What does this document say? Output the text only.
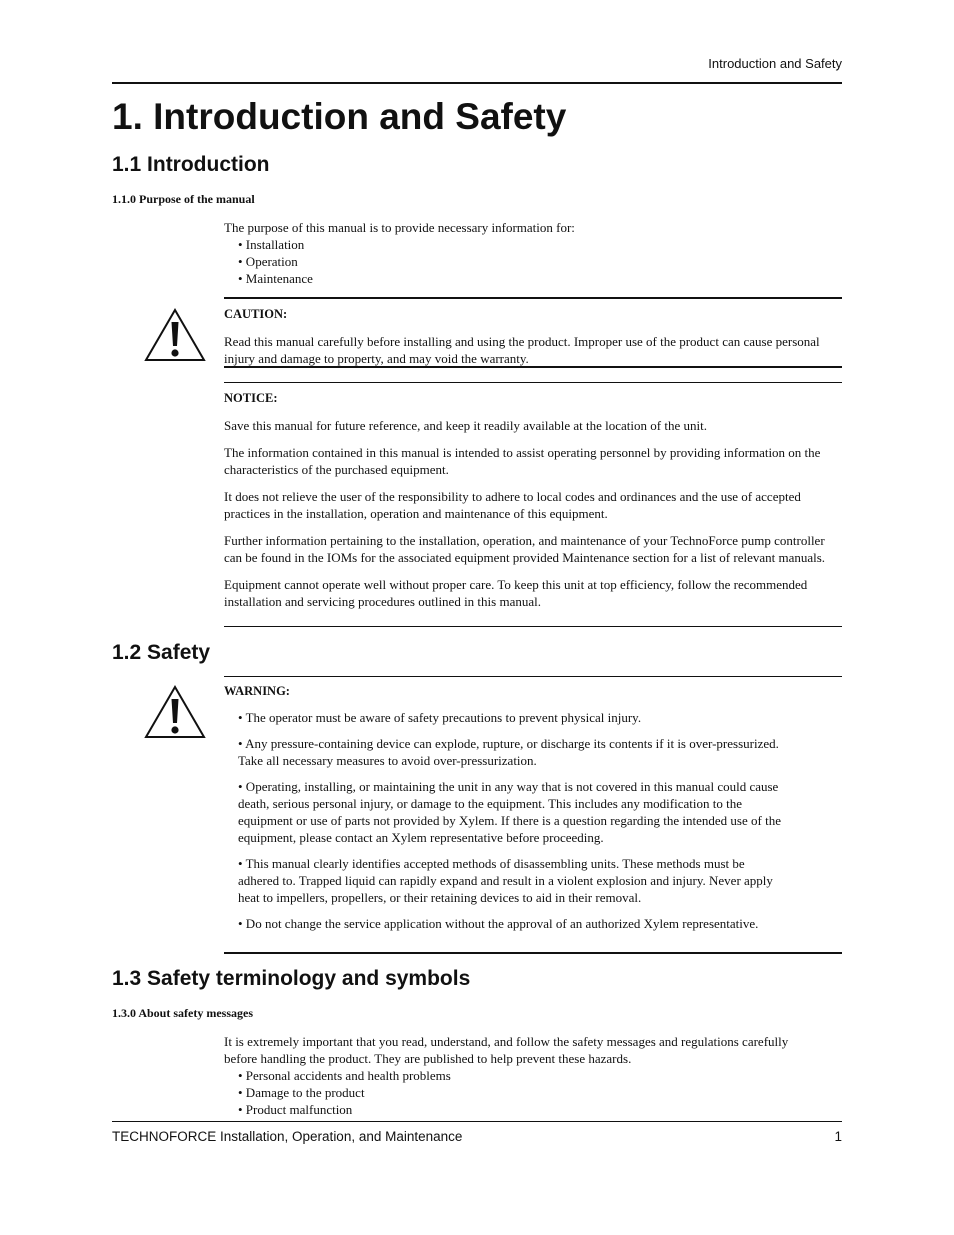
Introduction and Safety
1. Introduction and Safety
1.1 Introduction
1.1.0 Purpose of the manual

The purpose of this manual is to provide necessary information for:

• Installation
• Operation
• Maintenance

CAUTION:

Read this manual carefully before installing and using the product. Improper use of the product can cause personal injury and damage to property, and may void the warranty.

NOTICE:

Save this manual for future reference, and keep it readily available at the location of the unit.

The information contained in this manual is intended to assist operating personnel by providing information on the characteristics of the purchased equipment.

It does not relieve the user of the responsibility to adhere to local codes and ordinances and the use of accepted practices in the installation, operation and maintenance of this equipment.

Further information pertaining to the installation, operation, and maintenance of your TechnoForce pump controller can be found in the IOMs for the associated equipment provided Maintenance section for a list of relevant manuals.

Equipment cannot operate well without proper care. To keep this unit at top efficiency, follow the recommended installation and servicing procedures outlined in this manual.

1.2 Safety

WARNING:

• The operator must be aware of safety precautions to prevent physical injury.

• Any pressure-containing device can explode, rupture, or discharge its contents if it is over-pressurized. Take all necessary measures to avoid over-pressurization.

• Operating, installing, or maintaining the unit in any way that is not covered in this manual could cause death, serious personal injury, or damage to the equipment. This includes any modification to the equipment or use of parts not provided by Xylem. If there is a question regarding the intended use of the equipment, please contact an Xylem representative before proceeding.

• This manual clearly identifies accepted methods of disassembling units. These methods must be adhered to. Trapped liquid can rapidly expand and result in a violent explosion and injury. Never apply heat to impellers, propellers, or their retaining devices to aid in their removal.

• Do not change the service application without the approval of an authorized Xylem representative.

1.3 Safety terminology and symbols
1.3.0 About safety messages

It is extremely important that you read, understand, and follow the safety messages and regulations carefully before handling the product. They are published to help prevent these hazards.

• Personal accidents and health problems
• Damage to the product
• Product malfunction
TECHNOFORCE Installation, Operation, and Maintenance	1
